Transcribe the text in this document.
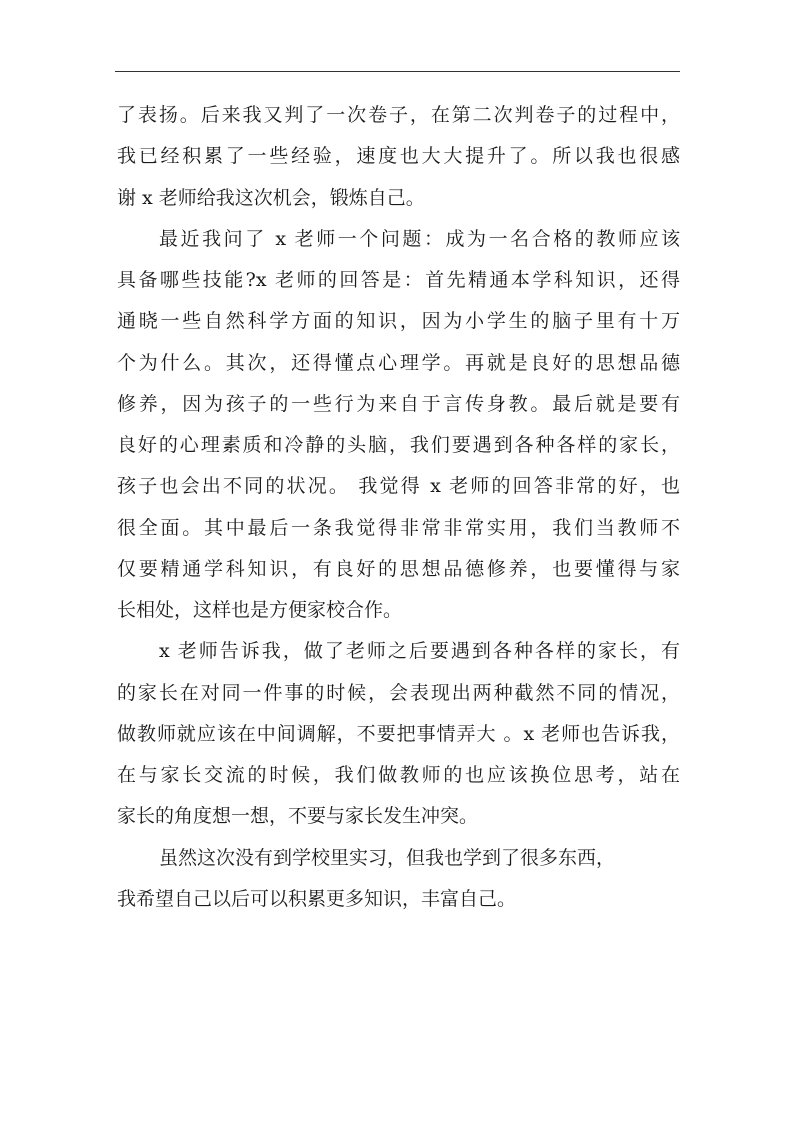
了表扬。后来我又判了一次卷子，在第二次判卷子的过程中，
我已经积累了一些经验，速度也大大提升了。所以我也很感
谢 x 老师给我这次机会，锻炼自己。
最近我问了 x 老师一个问题：成为一名合格的教师应该
具备哪些技能?x 老师的回答是：首先精通本学科知识，还得
通晓一些自然科学方面的知识，因为小学生的脑子里有十万
个为什么。其次，还得懂点心理学。再就是良好的思想品德
修养，因为孩子的一些行为来自于言传身教。最后就是要有
良好的心理素质和冷静的头脑，我们要遇到各种各样的家长，
孩子也会出不同的状况。 我觉得 x 老师的回答非常的好，也
很全面。其中最后一条我觉得非常非常实用，我们当教师不
仅要精通学科知识，有良好的思想品德修养，也要懂得与家
长相处，这样也是方便家校合作。
x 老师告诉我，做了老师之后要遇到各种各样的家长，有
的家长在对同一件事的时候，会表现出两种截然不同的情况，
做教师就应该在中间调解，不要把事情弄大 。x 老师也告诉我，
在与家长交流的时候，我们做教师的也应该换位思考，站在
家长的角度想一想，不要与家长发生冲突。
虽然这次没有到学校里实习，但我也学到了很多东西，
我希望自己以后可以积累更多知识，丰富自己。
